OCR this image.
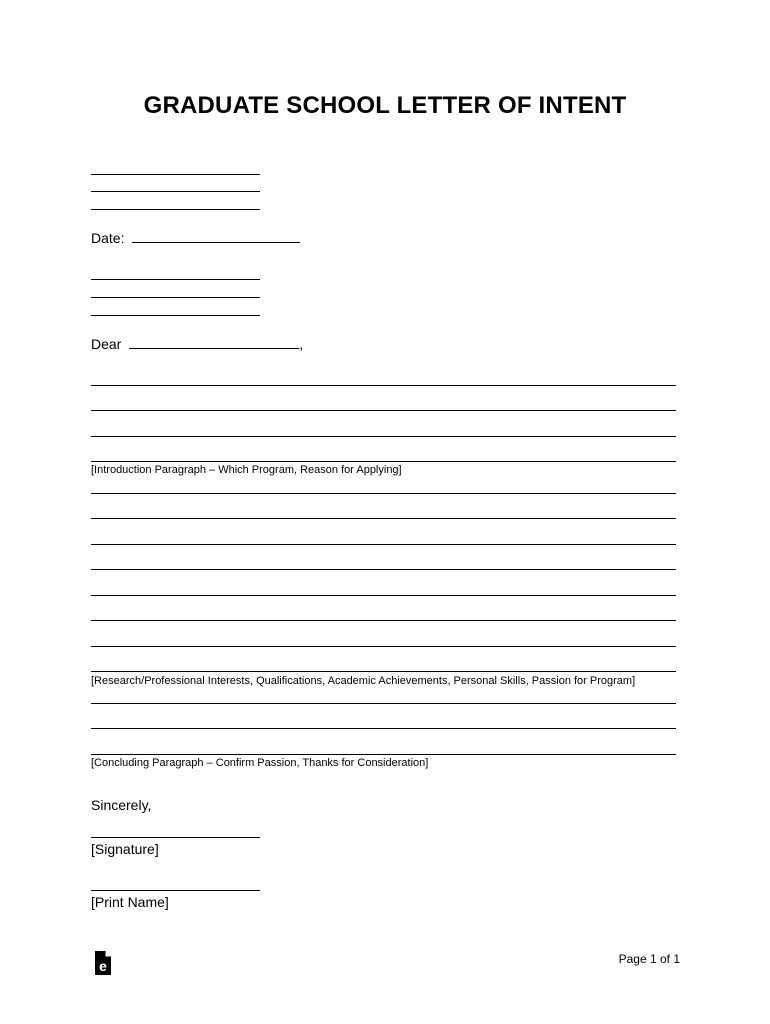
GRADUATE SCHOOL LETTER OF INTENT
Date:
Dear	,
[Introduction Paragraph – Which Program, Reason for Applying]
[Research/Professional Interests, Qualifications, Academic Achievements, Personal Skills, Passion for Program]
[Concluding Paragraph – Confirm Passion, Thanks for Consideration]
Sincerely,
[Signature]
[Print Name]
e	Page 1 of 1
